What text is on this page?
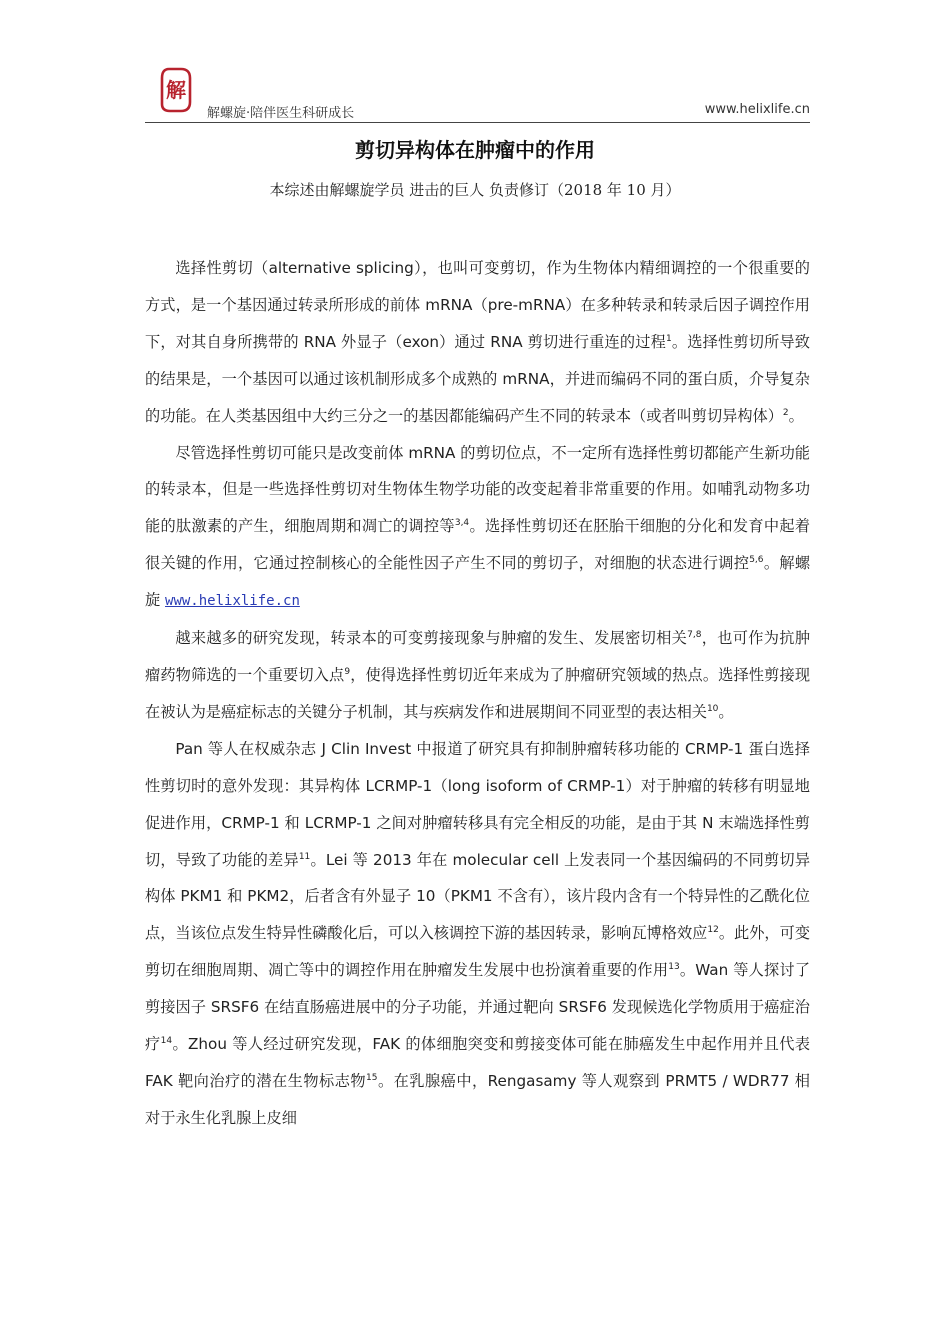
解
解螺旋·陪伴医生科研成长	www.helixlife.cn
剪切异构体在肿瘤中的作用
本综述由解螺旋学员 进击的巨人 负责修订（2018 年 10 月）

选择性剪切（alternative splicing），也叫可变剪切，作为生物体内精细调控的一个很重要的方式，是一个基因通过转录所形成的前体 mRNA（pre-mRNA）在多种转录和转录后因子调控作用下，对其自身所携带的 RNA 外显子（exon）通过 RNA 剪切进行重连的过程$^1$。选择性剪切所导致的结果是，一个基因可以通过该机制形成多个成熟的 mRNA，并进而编码不同的蛋白质，介导复杂的功能。在人类基因组中大约三分之一的基因都能编码产生不同的转录本（或者叫剪切异构体）$^2$。

尽管选择性剪切可能只是改变前体 mRNA 的剪切位点，不一定所有选择性剪切都能产生新功能的转录本，但是一些选择性剪切对生物体生物学功能的改变起着非常重要的作用。如哺乳动物多功能的肽激素的产生，细胞周期和凋亡的调控等$^{3,4}$。选择性剪切还在胚胎干细胞的分化和发育中起着很关键的作用，它通过控制核心的全能性因子产生不同的剪切子，对细胞的状态进行调控$^{5,6}$。解螺旋 www.helixlife.cn

越来越多的研究发现，转录本的可变剪接现象与肿瘤的发生、发展密切相关$^{7,8}$，也可作为抗肿瘤药物筛选的一个重要切入点$^9$，使得选择性剪切近年来成为了肿瘤研究领域的热点。选择性剪接现在被认为是癌症标志的关键分子机制，其与疾病发作和进展期间不同亚型的表达相关$^{10}$。

Pan 等人在权威杂志 J Clin Invest 中报道了研究具有抑制肿瘤转移功能的 CRMP-1 蛋白选择性剪切时的意外发现：其异构体 LCRMP-1（long isoform of CRMP-1）对于肿瘤的转移有明显地促进作用，CRMP-1 和 LCRMP-1 之间对肿瘤转移具有完全相反的功能，是由于其 N 末端选择性剪切，导致了功能的差异$^{11}$。Lei 等 2013 年在 molecular cell 上发表同一个基因编码的不同剪切异构体 PKM1 和 PKM2，后者含有外显子 10（PKM1 不含有），该片段内含有一个特异性的乙酰化位点，当该位点发生特异性磷酸化后，可以入核调控下游的基因转录，影响瓦博格效应$^{12}$。此外，可变剪切在细胞周期、凋亡等中的调控作用在肿瘤发生发展中也扮演着重要的作用$^{13}$。Wan 等人探讨了剪接因子 SRSF6 在结直肠癌进展中的分子功能，并通过靶向 SRSF6 发现候选化学物质用于癌症治疗$^{14}$。Zhou 等人经过研究发现，FAK 的体细胞突变和剪接变体可能在肺癌发生中起作用并且代表 FAK 靶向治疗的潜在生物标志物$^{15}$。在乳腺癌中，Rengasamy 等人观察到 PRMT5 / WDR77 相对于永生化乳腺上皮细
